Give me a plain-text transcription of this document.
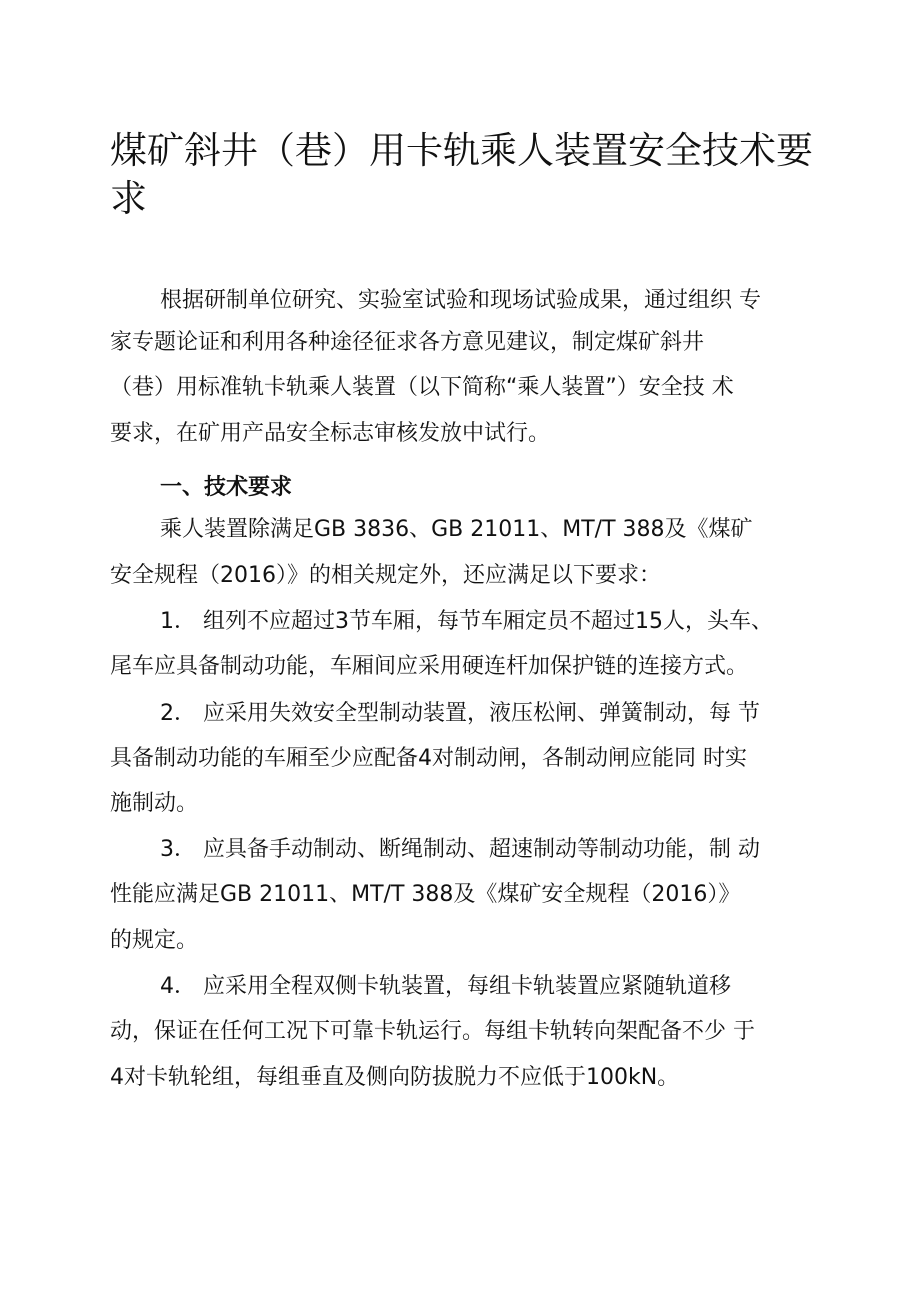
煤矿斜井（巷）用卡轨乘人装置安全技术要求

根据研制单位研究、实验室试验和现场试验成果，通过组织 专

家专题论证和利用各种途径征求各方意见建议，制定煤矿斜井

（巷）用标准轨卡轨乘人装置（以下简称“乘人装置”）安全技 术

要求，在矿用产品安全标志审核发放中试行。

一、技术要求

乘人装置除满足GB 3836、GB 21011、MT/T 388及《煤矿

安全规程（2016）》的相关规定外，还应满足以下要求：

1． 组列不应超过3节车厢，每节车厢定员不超过15人，头车、

尾车应具备制动功能，车厢间应采用硬连杆加保护链的连接方式。

2． 应采用失效安全型制动装置，液压松闸、弹簧制动，每 节

具备制动功能的车厢至少应配备4对制动闸，各制动闸应能同 时实

施制动。

3． 应具备手动制动、断绳制动、超速制动等制动功能，制 动

性能应满足GB 21011、MT/T 388及《煤矿安全规程（2016）》

的规定。

4． 应采用全程双侧卡轨装置，每组卡轨装置应紧随轨道移

动，保证在任何工况下可靠卡轨运行。每组卡轨转向架配备不少 于

4对卡轨轮组，每组垂直及侧向防拔脱力不应低于100kN。
